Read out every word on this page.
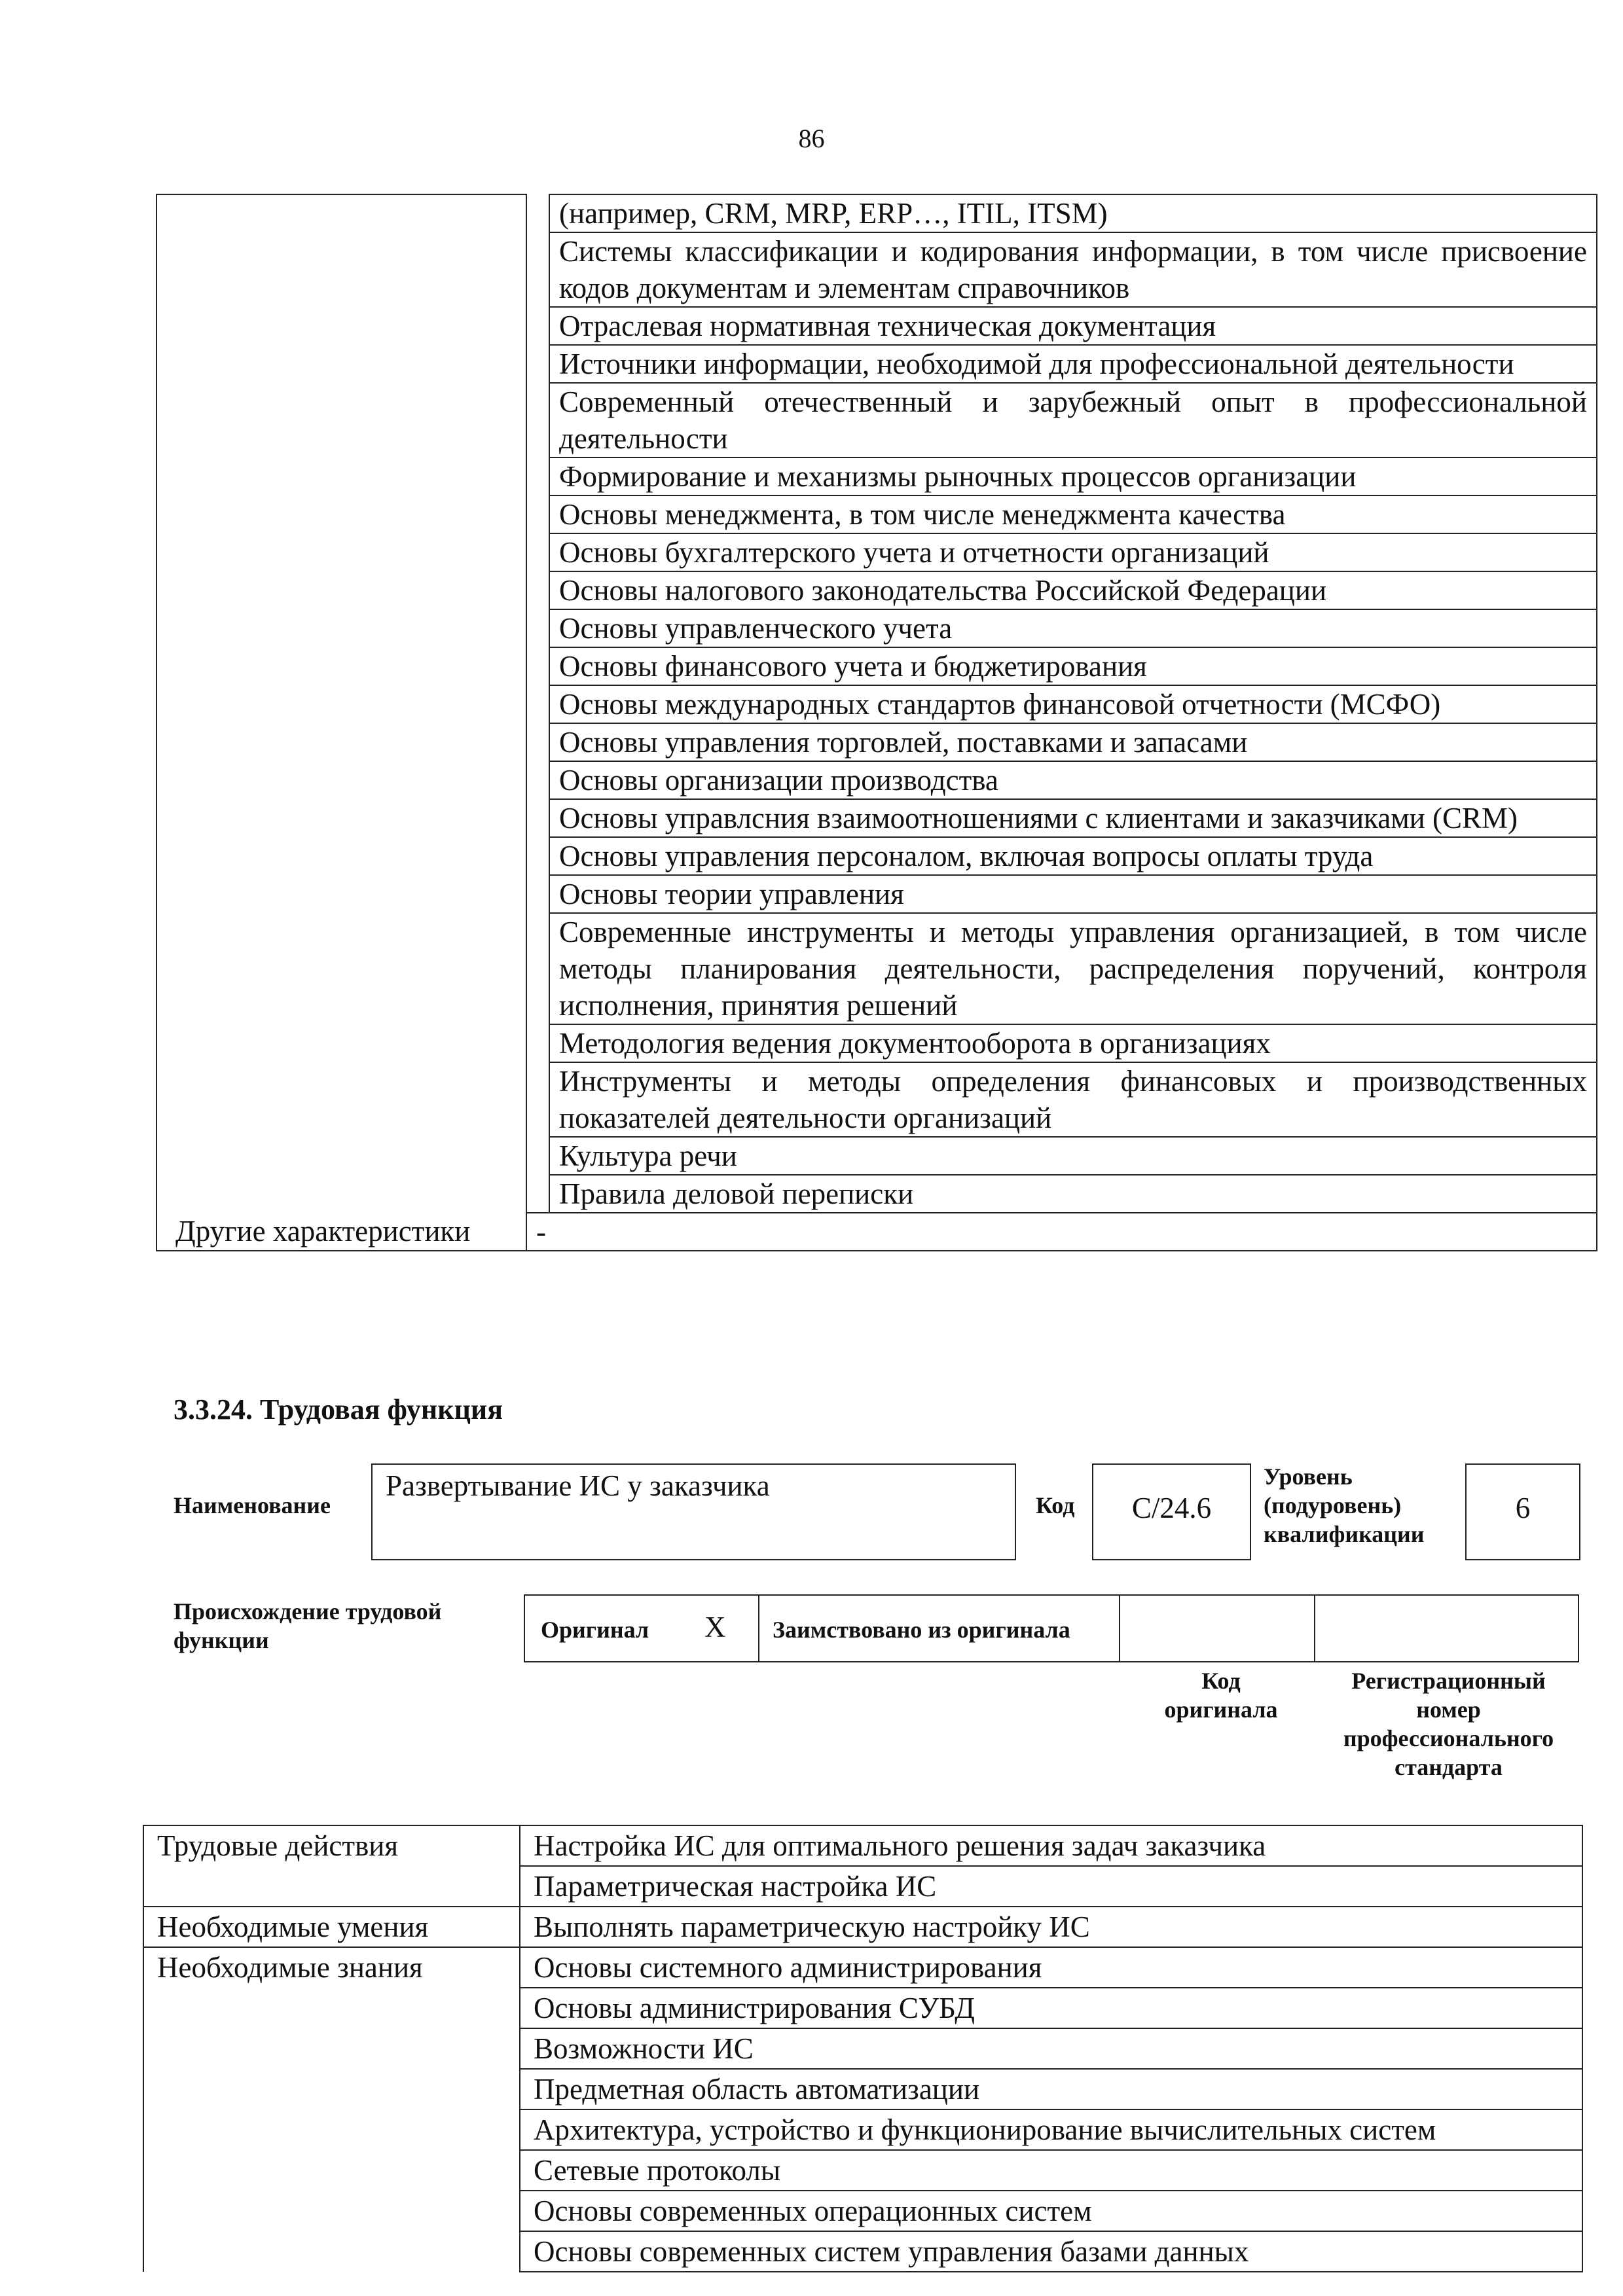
86
		(например, CRM, MRP, ERP…, ITIL, ITSM)
		Системы классификации и кодирования информации, в том числе присвоение кодов документам и элементам справочников
		Отраслевая нормативная техническая документация
		Источники информации, необходимой для профессиональной деятельности
		Современный отечественный и зарубежный опыт в профессиональной деятельности
		Формирование и механизмы рыночных процессов организации
		Основы менеджмента, в том числе менеджмента качества
		Основы бухгалтерского учета и отчетности организаций
		Основы налогового законодательства Российской Федерации
		Основы управленческого учета
		Основы финансового учета и бюджетирования
		Основы международных стандартов финансовой отчетности (МСФО)
		Основы управления торговлей, поставками и запасами
		Основы организации производства
		Основы управлсния взаимоотношениями с клиентами и заказчиками (CRM)
		Основы управления персоналом, включая вопросы оплаты труда
		Основы теории управления
		Современные инструменты и методы управления организацией, в том числе методы планирования деятельности, распределения поручений, контроля исполнения, принятия решений
		Методология ведения документооборота в организациях
		Инструменты и методы определения финансовых и производственных показателей деятельности организаций
		Культура речи
		Правила деловой переписки
Другие характеристики	-	
3.3.24. Трудовая функция
Наименование
Развертывание ИС у заказчика
Код	С/24.6
Уровень
(подуровень)
квалификации
6
Происхождение трудовой
функции	Оригинал X Заимствовано из оригинала
Код
оригинала
Регистрационный
номер
профессионального
стандарта
Трудовые действия	Настройка ИС для оптимального решения задач заказчика
	Параметрическая настройка ИС
Необходимые умения	Выполнять параметрическую настройку ИС
Необходимые знания	Основы системного администрирования
	Основы администрирования СУБД
	Возможности ИС
	Предметная область автоматизации
	Архитектура, устройство и функционирование вычислительных систем
	Сетевые протоколы
	Основы современных операционных систем
	Основы современных систем управления базами данных
